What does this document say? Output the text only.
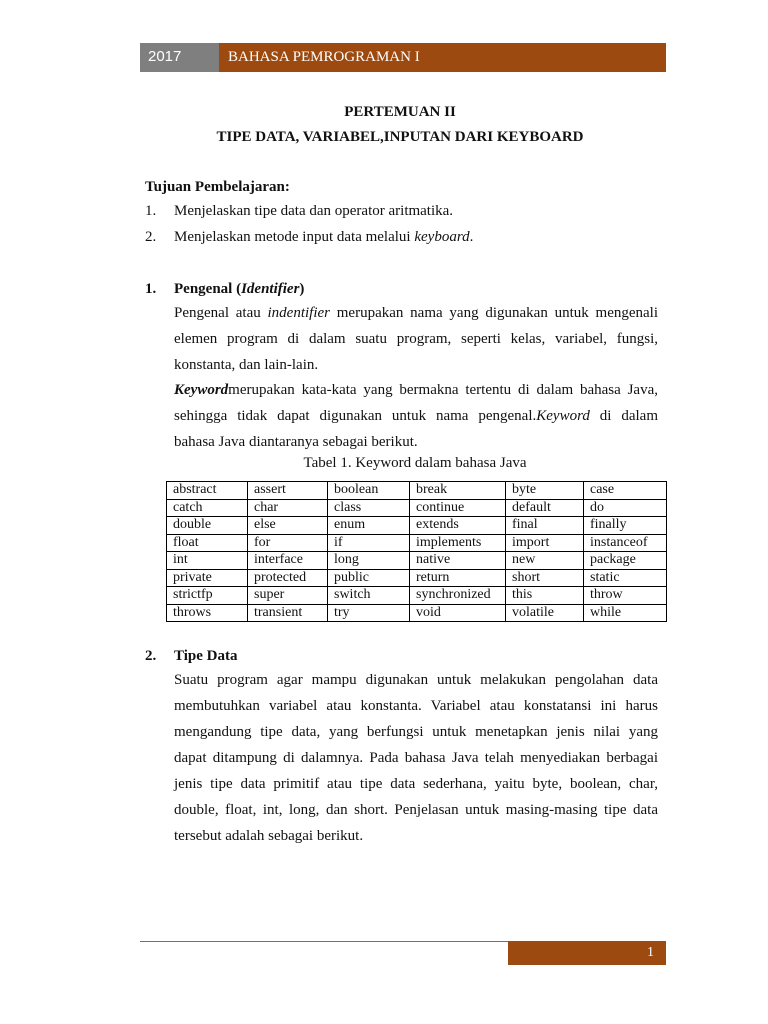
2017	BAHASA PEMROGRAMAN I
PERTEMUAN II
TIPE DATA, VARIABEL,INPUTAN DARI KEYBOARD
Tujuan Pembelajaran:
1. Menjelaskan tipe data dan operator aritmatika.
2. Menjelaskan metode input data melalui keyboard.
1. Pengenal (Identifier)

Pengenal atau indentifier merupakan nama yang digunakan untuk mengenali

elemen program di dalam suatu program, seperti kelas, variabel, fungsi,

konstanta, dan lain-lain.

Keywordmerupakan kata-kata yang bermakna tertentu di dalam bahasa Java,

sehingga tidak dapat digunakan untuk nama pengenal.Keyword di dalam

bahasa Java diantaranya sebagai berikut.

Tabel 1. Keyword dalam bahasa Java
abstract	assert	boolean	break	byte	case
catch	char	class	continue	default	do
double	else	enum	extends	final	finally
float	for	if	implements	import	instanceof
int	interface	long	native	new	package
private	protected	public	return	short	static
strictfp	super	switch	synchronized	this	throw
throws	transient	try	void	volatile	while
2. Tipe Data

Suatu program agar mampu digunakan untuk melakukan pengolahan data

membutuhkan variabel atau konstanta. Variabel atau konstatansi ini harus

mengandung tipe data, yang berfungsi untuk menetapkan jenis nilai yang

dapat ditampung di dalamnya. Pada bahasa Java telah menyediakan berbagai

jenis tipe data primitif atau tipe data sederhana, yaitu byte, boolean, char,

double, float, int, long, dan short. Penjelasan untuk masing-masing tipe data

tersebut adalah sebagai berikut.

1
